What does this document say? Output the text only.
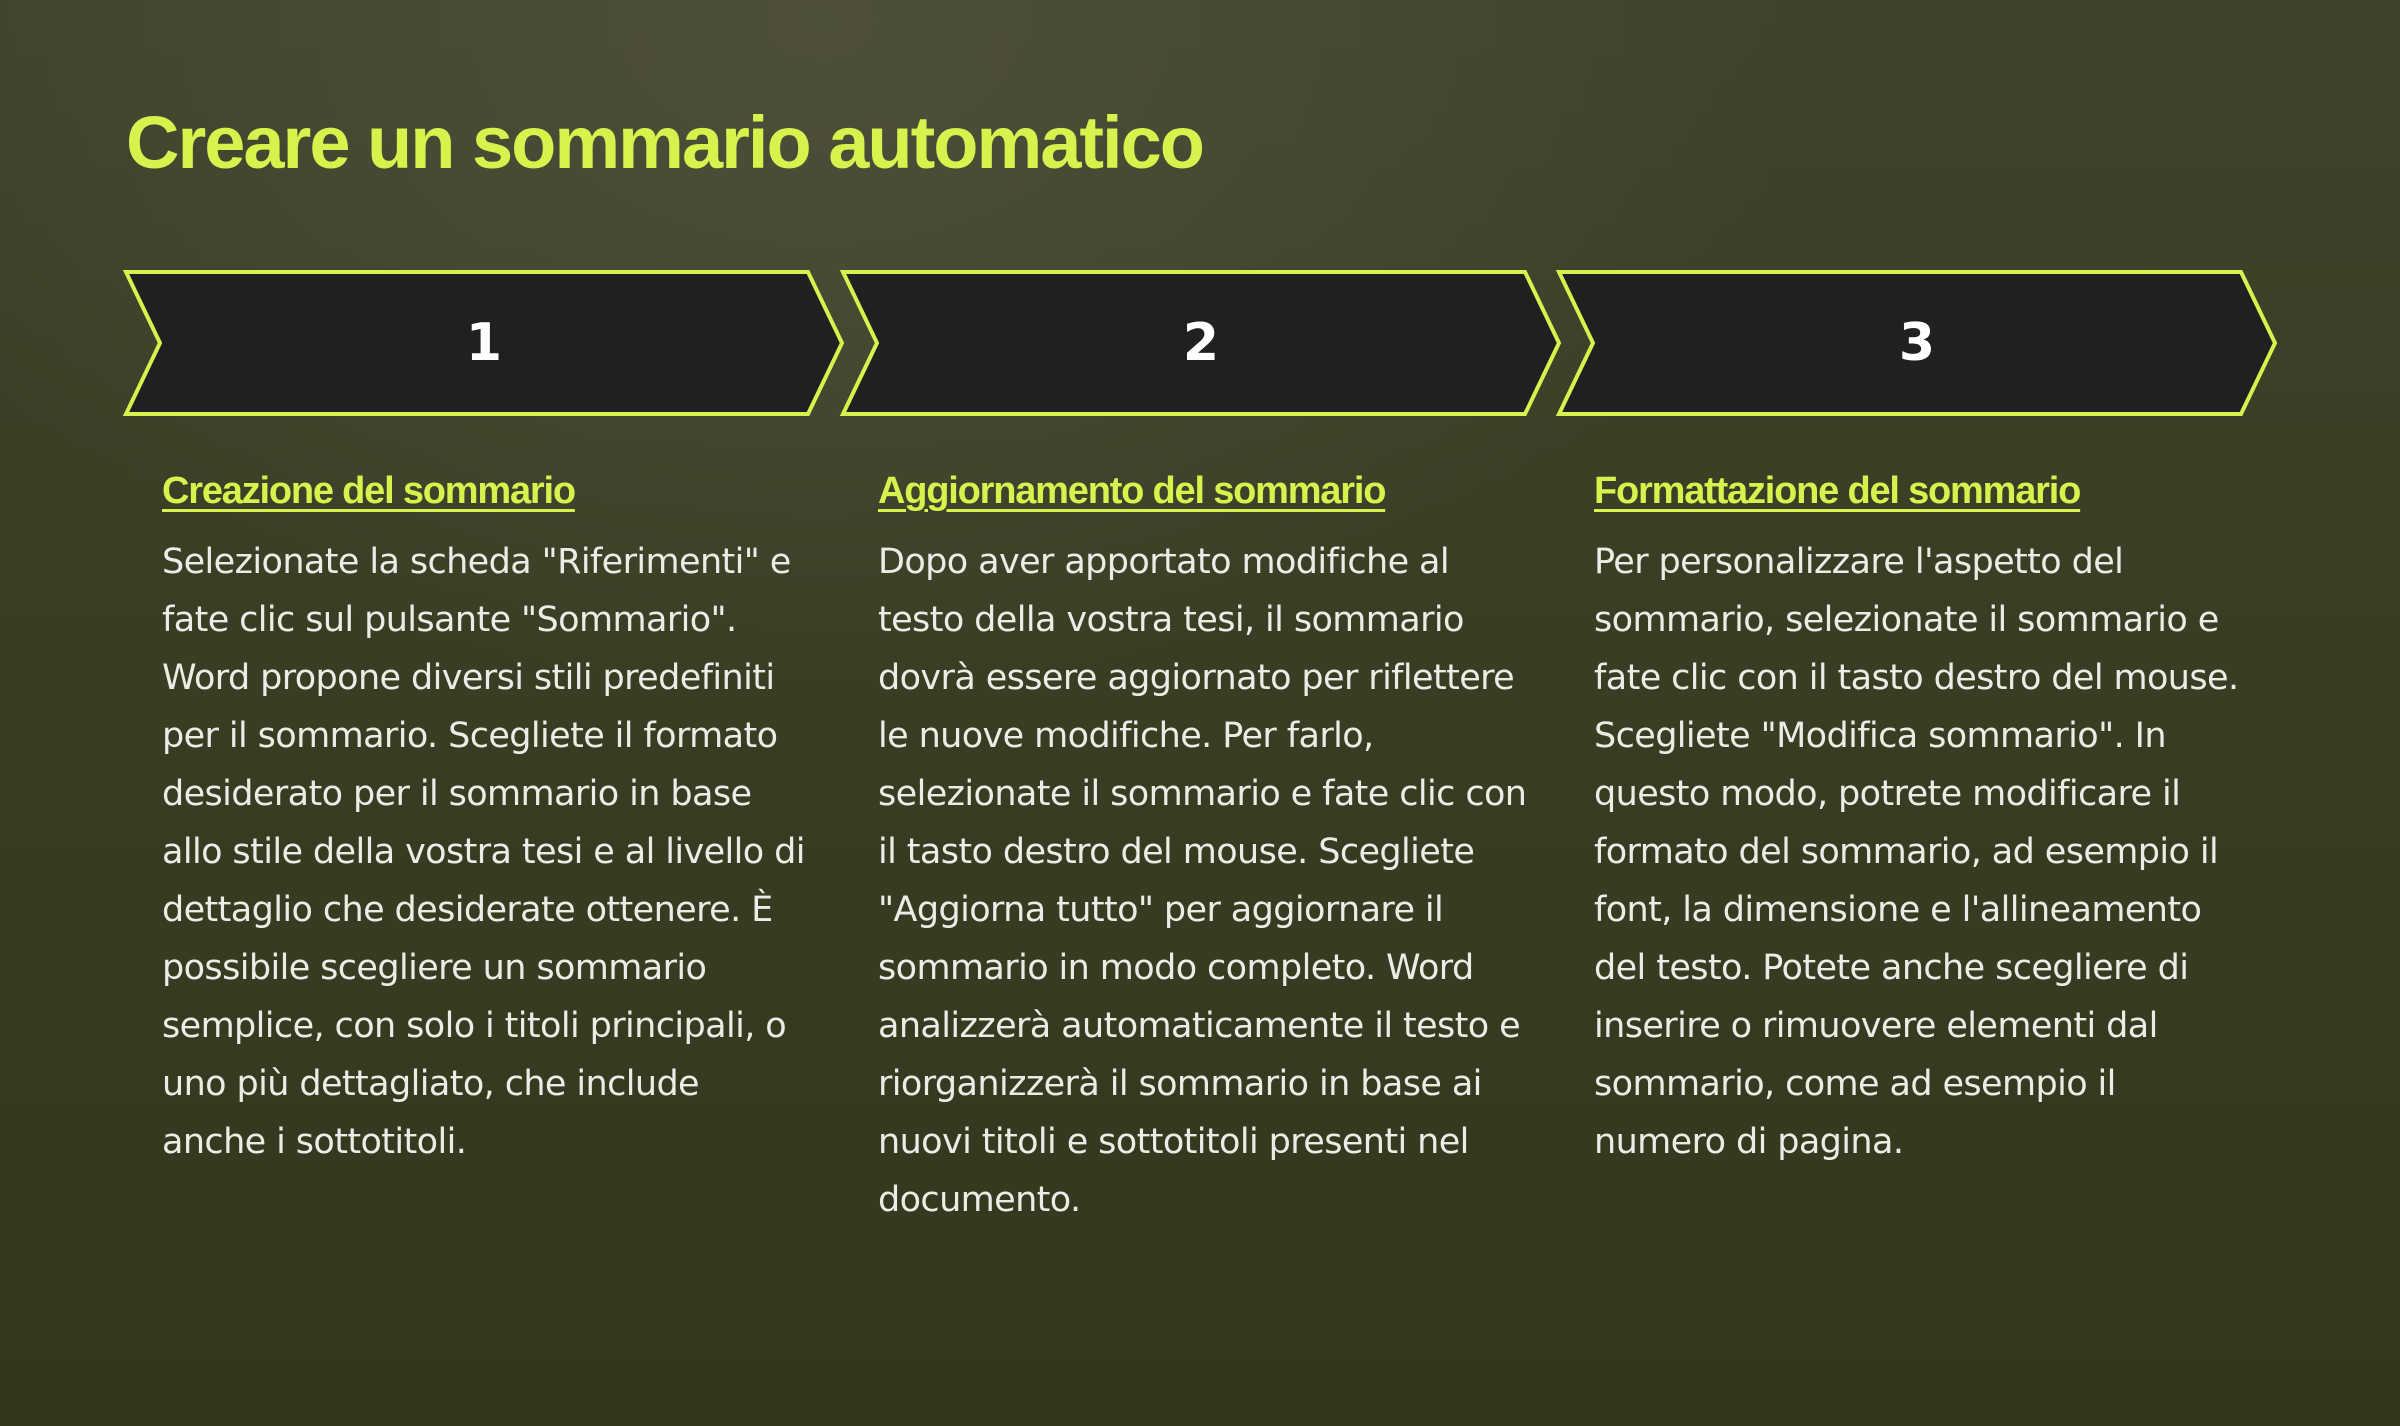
Creare un sommario automatico
1	2	3
Creazione del sommario

Selezionate la scheda "Riferimenti" e fate clic sul pulsante "Sommario". Word propone diversi stili predefiniti per il sommario. Scegliete il formato desiderato per il sommario in base allo stile della vostra tesi e al livello di dettaglio che desiderate ottenere. È possibile scegliere un sommario semplice, con solo i titoli principali, o uno più dettagliato, che include anche i sottotitoli.

Aggiornamento del sommario

Dopo aver apportato modifiche al testo della vostra tesi, il sommario dovrà essere aggiornato per riflettere le nuove modifiche. Per farlo, selezionate il sommario e fate clic con il tasto destro del mouse. Scegliete "Aggiorna tutto" per aggiornare il sommario in modo completo. Word analizzerà automaticamente il testo e riorganizzerà il sommario in base ai nuovi titoli e sottotitoli presenti nel documento.

Formattazione del sommario

Per personalizzare l'aspetto del sommario, selezionate il sommario e fate clic con il tasto destro del mouse. Scegliete "Modifica sommario". In questo modo, potrete modificare il formato del sommario, ad esempio il font, la dimensione e l'allineamento del testo. Potete anche scegliere di inserire o rimuovere elementi dal sommario, come ad esempio il numero di pagina.
